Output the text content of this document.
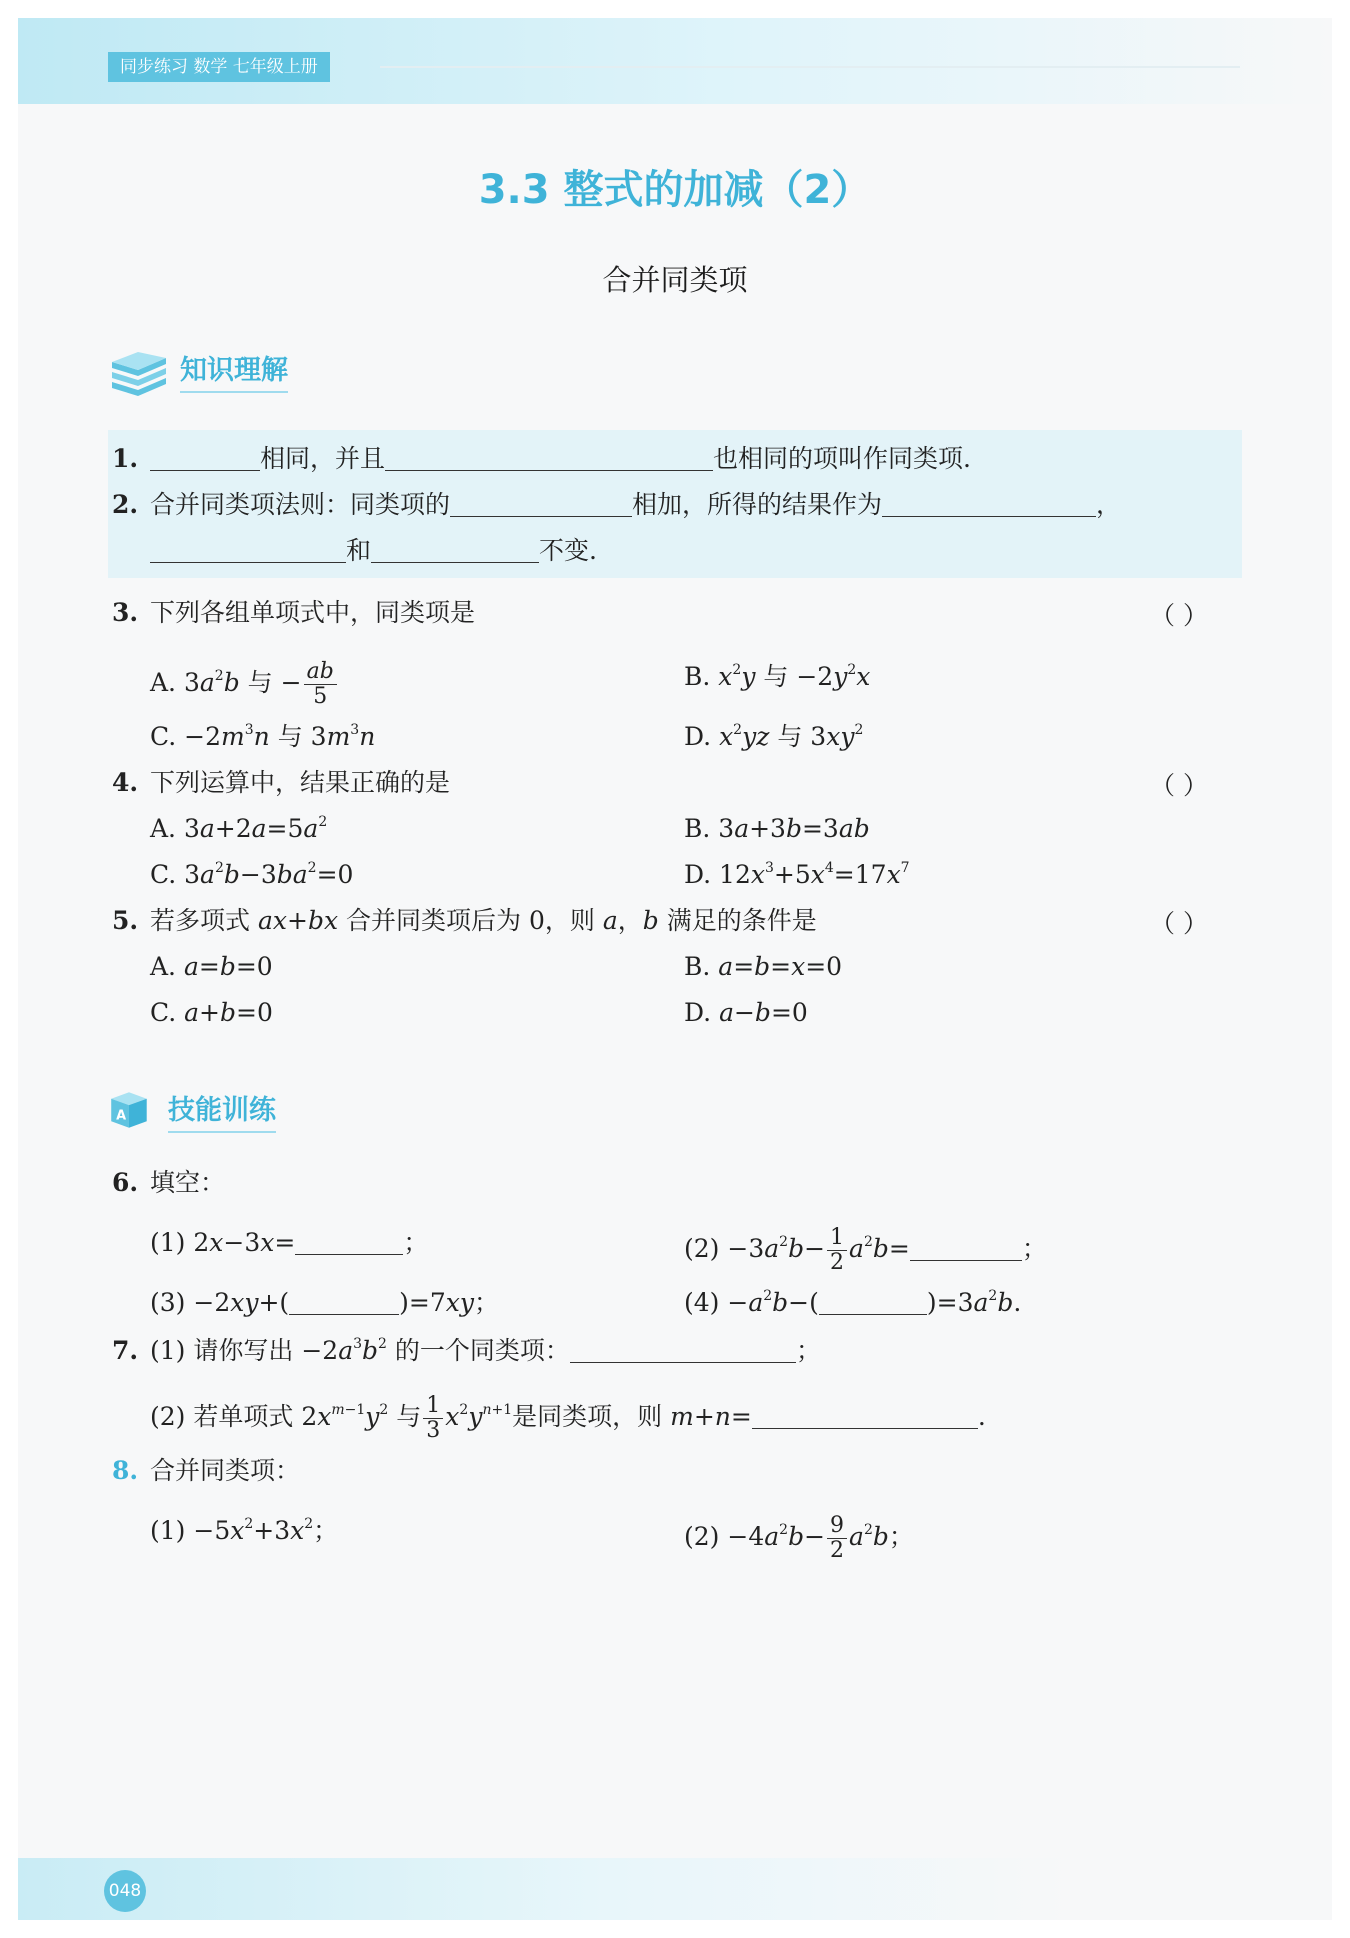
同步练习 数学 七年级上册
3.3 整式的加减（2）
合并同类项
知识理解
1.	相同，并且	也相同的项叫作同类项.
2. 合并同类项法则：同类项的	相加，所得的结果作为	，
和	不变.
3. 下列各组单项式中，同类项是	（ ）
A. $3a^2b$ 与 − $\frac{ab}{5}$	B. $x^2y$ 与 $-2y^2x$
C. $-2m^3n$ 与 $3m^3n$	D. $x^2yz$ 与 $3xy^2$
4. 下列运算中，结果正确的是	（ ）
A. $3a+2a=5a^2$	B. 3a+3b=3ab
C. $3a^2b-3ba^2=0$	D. $12x^3+5x^4=17x^7$
5. 若多项式 ax+bx 合并同类项后为 0，则 a，b 满足的条件是	（ ）
A. a=b=0	B. a=b=x=0
C. a+b=0	D. a−b=0
A 技能训练
6. 填空：
(1) 2x−3x=	；	$(2) -3a^2b- \frac{1}{2} a^2b=$	；
(3) −2xy+(	)=7xy；	$(4) -a^2b-$(	)$=3a^2b$.
7. (1) 请你写出 $-2a^3b^2$ 的一个同类项：	；
(2) 若单项式 $2x^{m-1}y^2$ 与 $\frac{1}{3} x^2y^{n+1}$是同类项，则 m+n=	.
8. 合并同类项：
$(1) -5x^2+3x^2$；	$(2) -4a^2b- \frac{9}{2} a^2b$；
048
